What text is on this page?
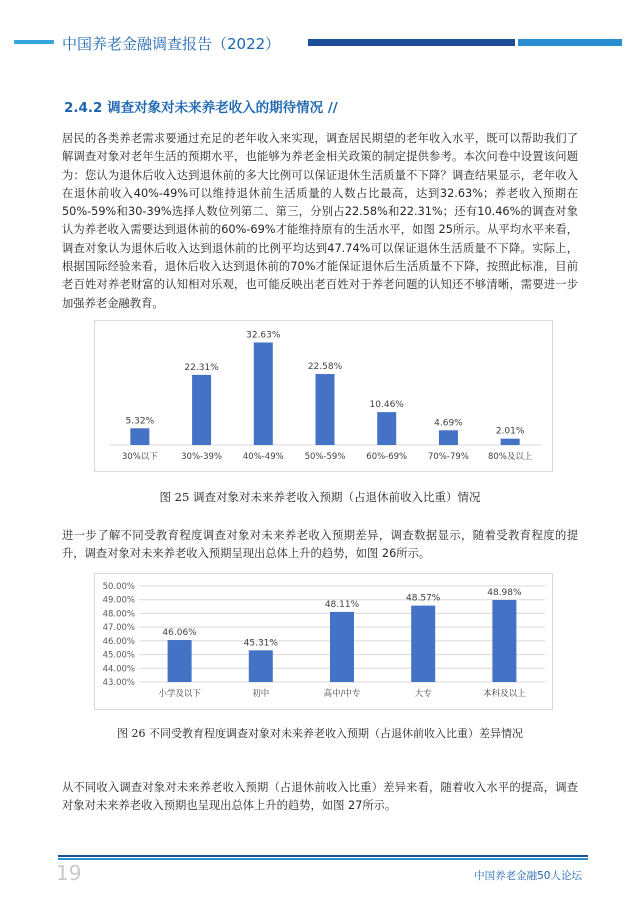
中国养老金融调查报告（2022）
2.4.2 调查对象对未来养老收入的期待情况 //
居民的各类养老需求要通过充足的老年收入来实现，调查居民期望的老年收入水平，既可以帮助我们了解调查对象对老年生活的预期水平，也能够为养老金相关政策的制定提供参考。本次问卷中设置该问题为：您认为退休后收入达到退休前的多大比例可以保证退休生活质量不下降？调查结果显示，老年收入在退休前收入40%-49%可以维持退休前生活质量的人数占比最高，达到32.63%；养老收入预期在50%-59%和30-39%选择人数位列第二、第三，分别占22.58%和22.31%；还有10.46%的调查对象认为养老收入需要达到退休前的60%-69%才能维持原有的生活水平，如图 25所示。从平均水平来看，调查对象认为退休后收入达到退休前的比例平均达到47.74%可以保证退休生活质量不下降。实际上，根据国际经验来看，退休后收入达到退休前的70%才能保证退休后生活质量不下降，按照此标准，目前老百姓对养老财富的认知相对乐观，也可能反映出老百姓对于养老问题的认知还不够清晰，需要进一步加强养老金融教育。
5.32%
30%以下
22.31%
30%-39%
32.63%
40%-49%
22.58%
50%-59%
10.46%
60%-69%
4.69%
70%-79%
2.01%
80%及以上
图 25 调查对象对未来养老收入预期（占退休前收入比重）情况
进一步了解不同受教育程度调查对象对未来养老收入预期差异，调查数据显示，随着受教育程度的提升，调查对象对未来养老收入预期呈现出总体上升的趋势，如图 26所示。
43.00%
44.00%
45.00%
46.00%
47.00%
48.00%
49.00%
50.00%
46.06%
小学及以下
45.31%
初中
48.11%
高中/中专
48.57%
大专
48.98%
本科及以上
图 26 不同受教育程度调查对象对未来养老收入预期（占退休前收入比重）差异情况
从不同收入调查对象对未来养老收入预期（占退休前收入比重）差异来看，随着收入水平的提高，调查对象对未来养老收入预期也呈现出总体上升的趋势，如图 27所示。
19	中国养老金融50人论坛
